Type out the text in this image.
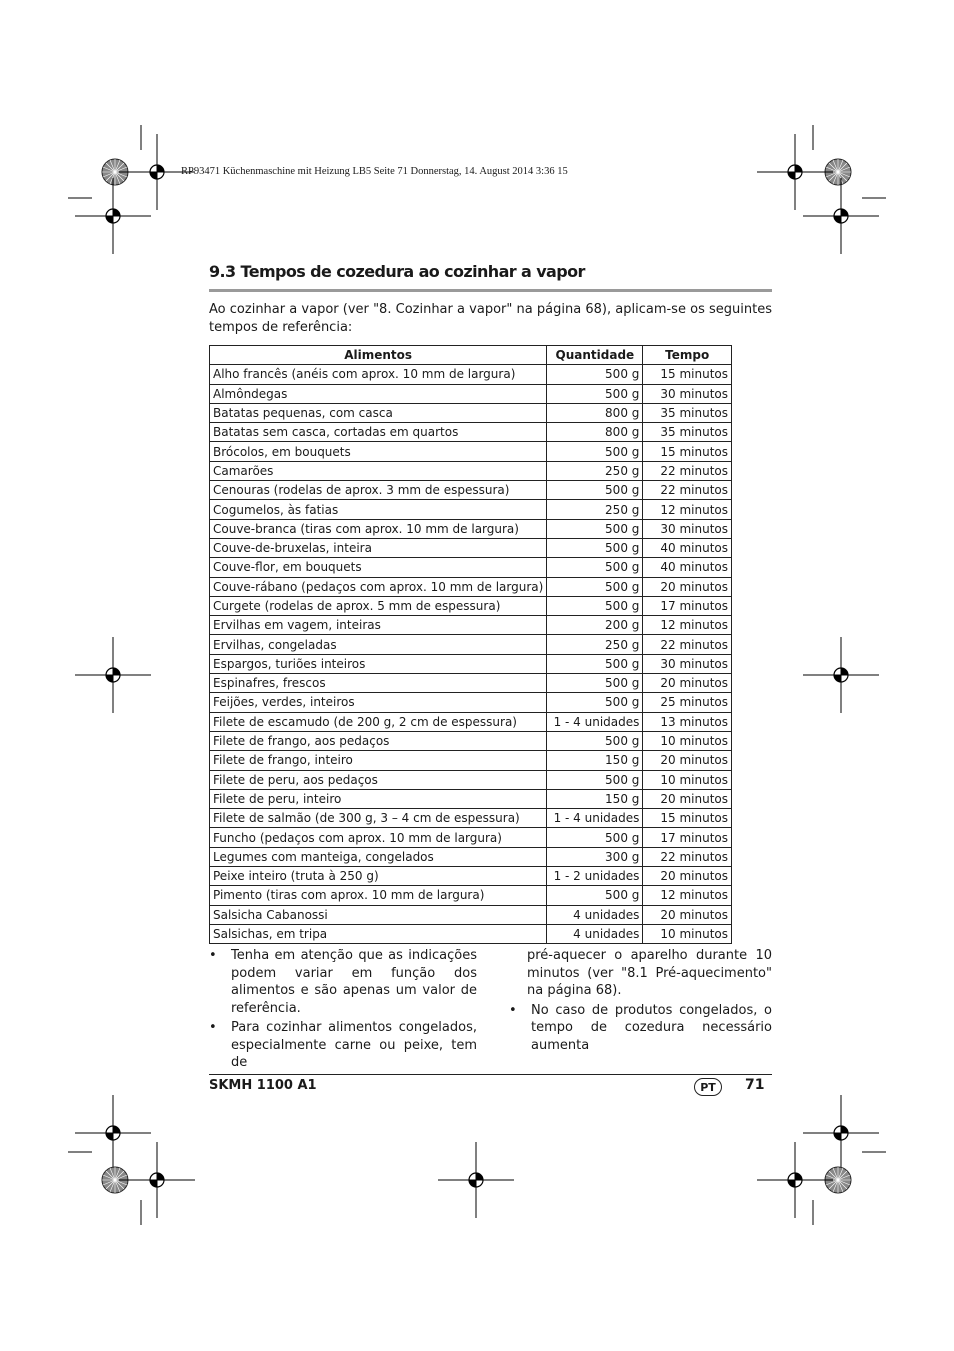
RP93471 Küchenmaschine mit Heizung LB5 Seite 71 Donnerstag, 14. August 2014 3:36 15
9.3 Tempos de cozedura ao cozinhar a vapor
Ao cozinhar a vapor (ver "8. Cozinhar a vapor" na página 68), aplicam-se os seguintes tempos de referência:
Alimentos	Quantidade	Tempo
Alho francês (anéis com aprox. 10 mm de largura)	500 g	15 minutos
Almôndegas	500 g	30 minutos
Batatas pequenas, com casca	800 g	35 minutos
Batatas sem casca, cortadas em quartos	800 g	35 minutos
Brócolos, em bouquets	500 g	15 minutos
Camarões	250 g	22 minutos
Cenouras (rodelas de aprox. 3 mm de espessura)	500 g	22 minutos
Cogumelos, às fatias	250 g	12 minutos
Couve-branca (tiras com aprox. 10 mm de largura)	500 g	30 minutos
Couve-de-bruxelas, inteira	500 g	40 minutos
Couve-flor, em bouquets	500 g	40 minutos
Couve-rábano (pedaços com aprox. 10 mm de largura)	500 g	20 minutos
Curgete (rodelas de aprox. 5 mm de espessura)	500 g	17 minutos
Ervilhas em vagem, inteiras	200 g	12 minutos
Ervilhas, congeladas	250 g	22 minutos
Espargos, turiões inteiros	500 g	30 minutos
Espinafres, frescos	500 g	20 minutos
Feijões, verdes, inteiros	500 g	25 minutos
Filete de escamudo (de 200 g, 2 cm de espessura)	1 - 4 unidades	13 minutos
Filete de frango, aos pedaços	500 g	10 minutos
Filete de frango, inteiro	150 g	20 minutos
Filete de peru, aos pedaços	500 g	10 minutos
Filete de peru, inteiro	150 g	20 minutos
Filete de salmão (de 300 g, 3 – 4 cm de espessura)	1 - 4 unidades	15 minutos
Funcho (pedaços com aprox. 10 mm de largura)	500 g	17 minutos
Legumes com manteiga, congelados	300 g	22 minutos
Peixe inteiro (truta à 250 g)	1 - 2 unidades	20 minutos
Pimento (tiras com aprox. 10 mm de largura)	500 g	12 minutos
Salsicha Cabanossi	4 unidades	20 minutos
Salsichas, em tripa	4 unidades	10 minutos
• Tenha em atenção que as indicações podem variar em função dos alimentos e são apenas um valor de referência.
• Para cozinhar alimentos congelados, especialmente carne ou peixe, tem de
pré-aquecer o aparelho durante 10 minutos (ver "8.1 Pré-aquecimento" na página 68).
• No caso de produtos congelados, o tempo de cozedura necessário aumenta
SKMH 1100 A1	PT	71
